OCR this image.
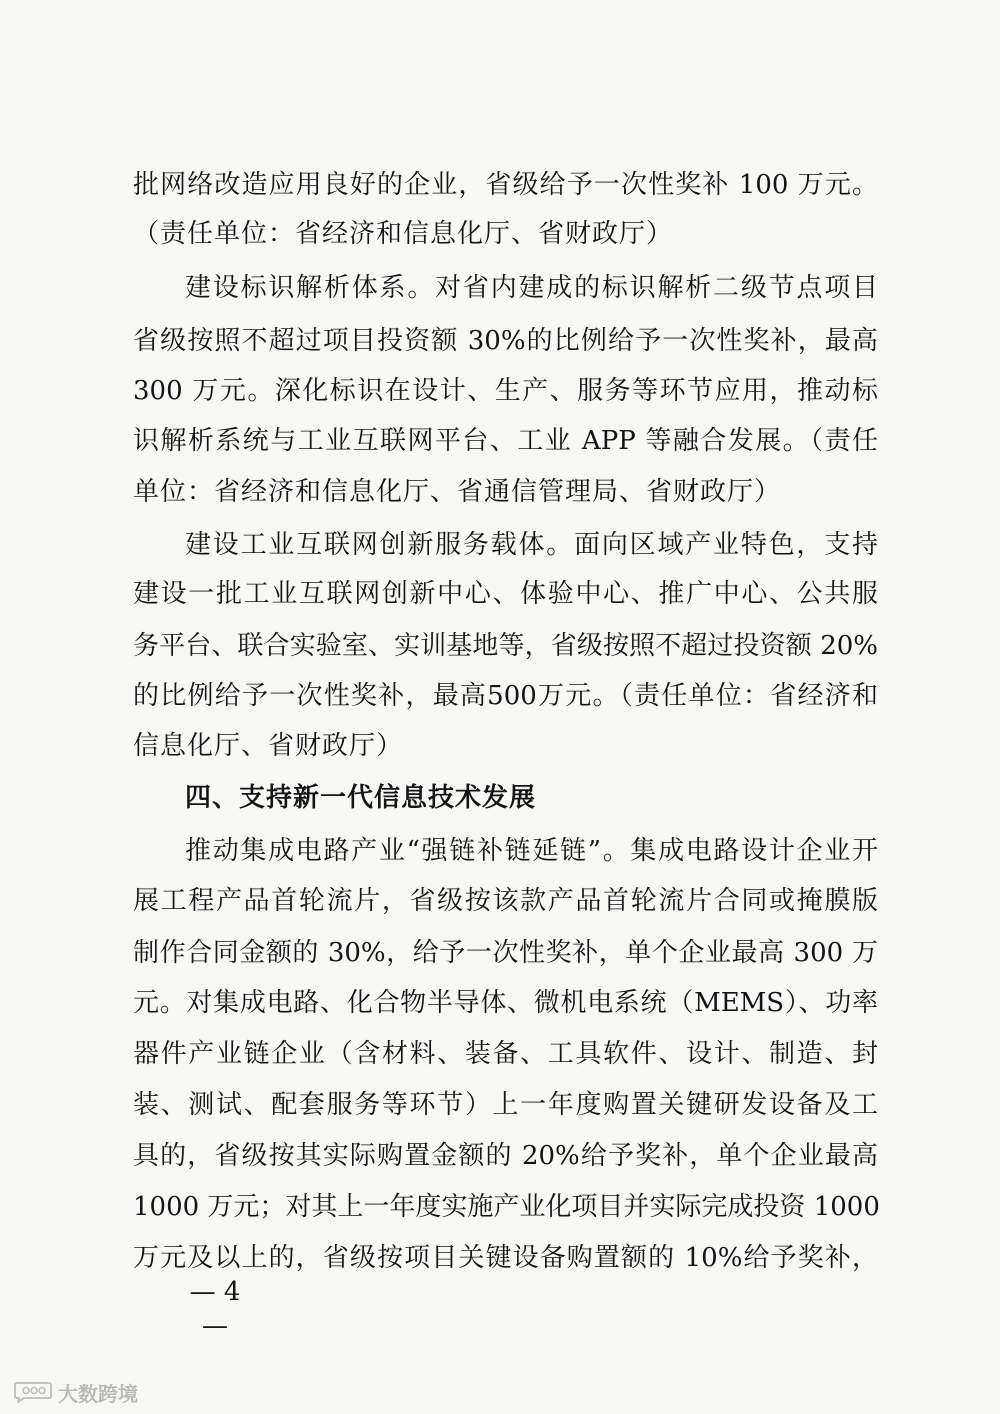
批网络改造应用良好的企业，省级给予一次性奖补 100 万元。
（责任单位：省经济和信息化厅、省财政厅）
建设标识解析体系。对省内建成的标识解析二级节点项目
省级按照不超过项目投资额 30%的比例给予一次性奖补，最高
300 万元。深化标识在设计、生产、服务等环节应用，推动标
识解析系统与工业互联网平台、工业 APP 等融合发展。（责任
单位：省经济和信息化厅、省通信管理局、省财政厅）
建设工业互联网创新服务载体。面向区域产业特色，支持
建设一批工业互联网创新中心、体验中心、推广中心、公共服
务平台、联合实验室、实训基地等，省级按照不超过投资额 20%
的比例给予一次性奖补，最高500万元。（责任单位：省经济和
信息化厅、省财政厅）
四、支持新一代信息技术发展
推动集成电路产业“强链补链延链”。集成电路设计企业开
展工程产品首轮流片，省级按该款产品首轮流片合同或掩膜版
制作合同金额的 30%，给予一次性奖补，单个企业最高 300 万
元。对集成电路、化合物半导体、微机电系统（MEMS）、功率
器件产业链企业（含材料、装备、工具软件、设计、制造、封
装、测试、配套服务等环节）上一年度购置关键研发设备及工
具的，省级按其实际购置金额的 20%给予奖补，单个企业最高
1000 万元；对其上一年度实施产业化项目并实际完成投资 1000
万元及以上的，省级按项目关键设备购置额的 10%给予奖补，
— 4 —
大数跨境
